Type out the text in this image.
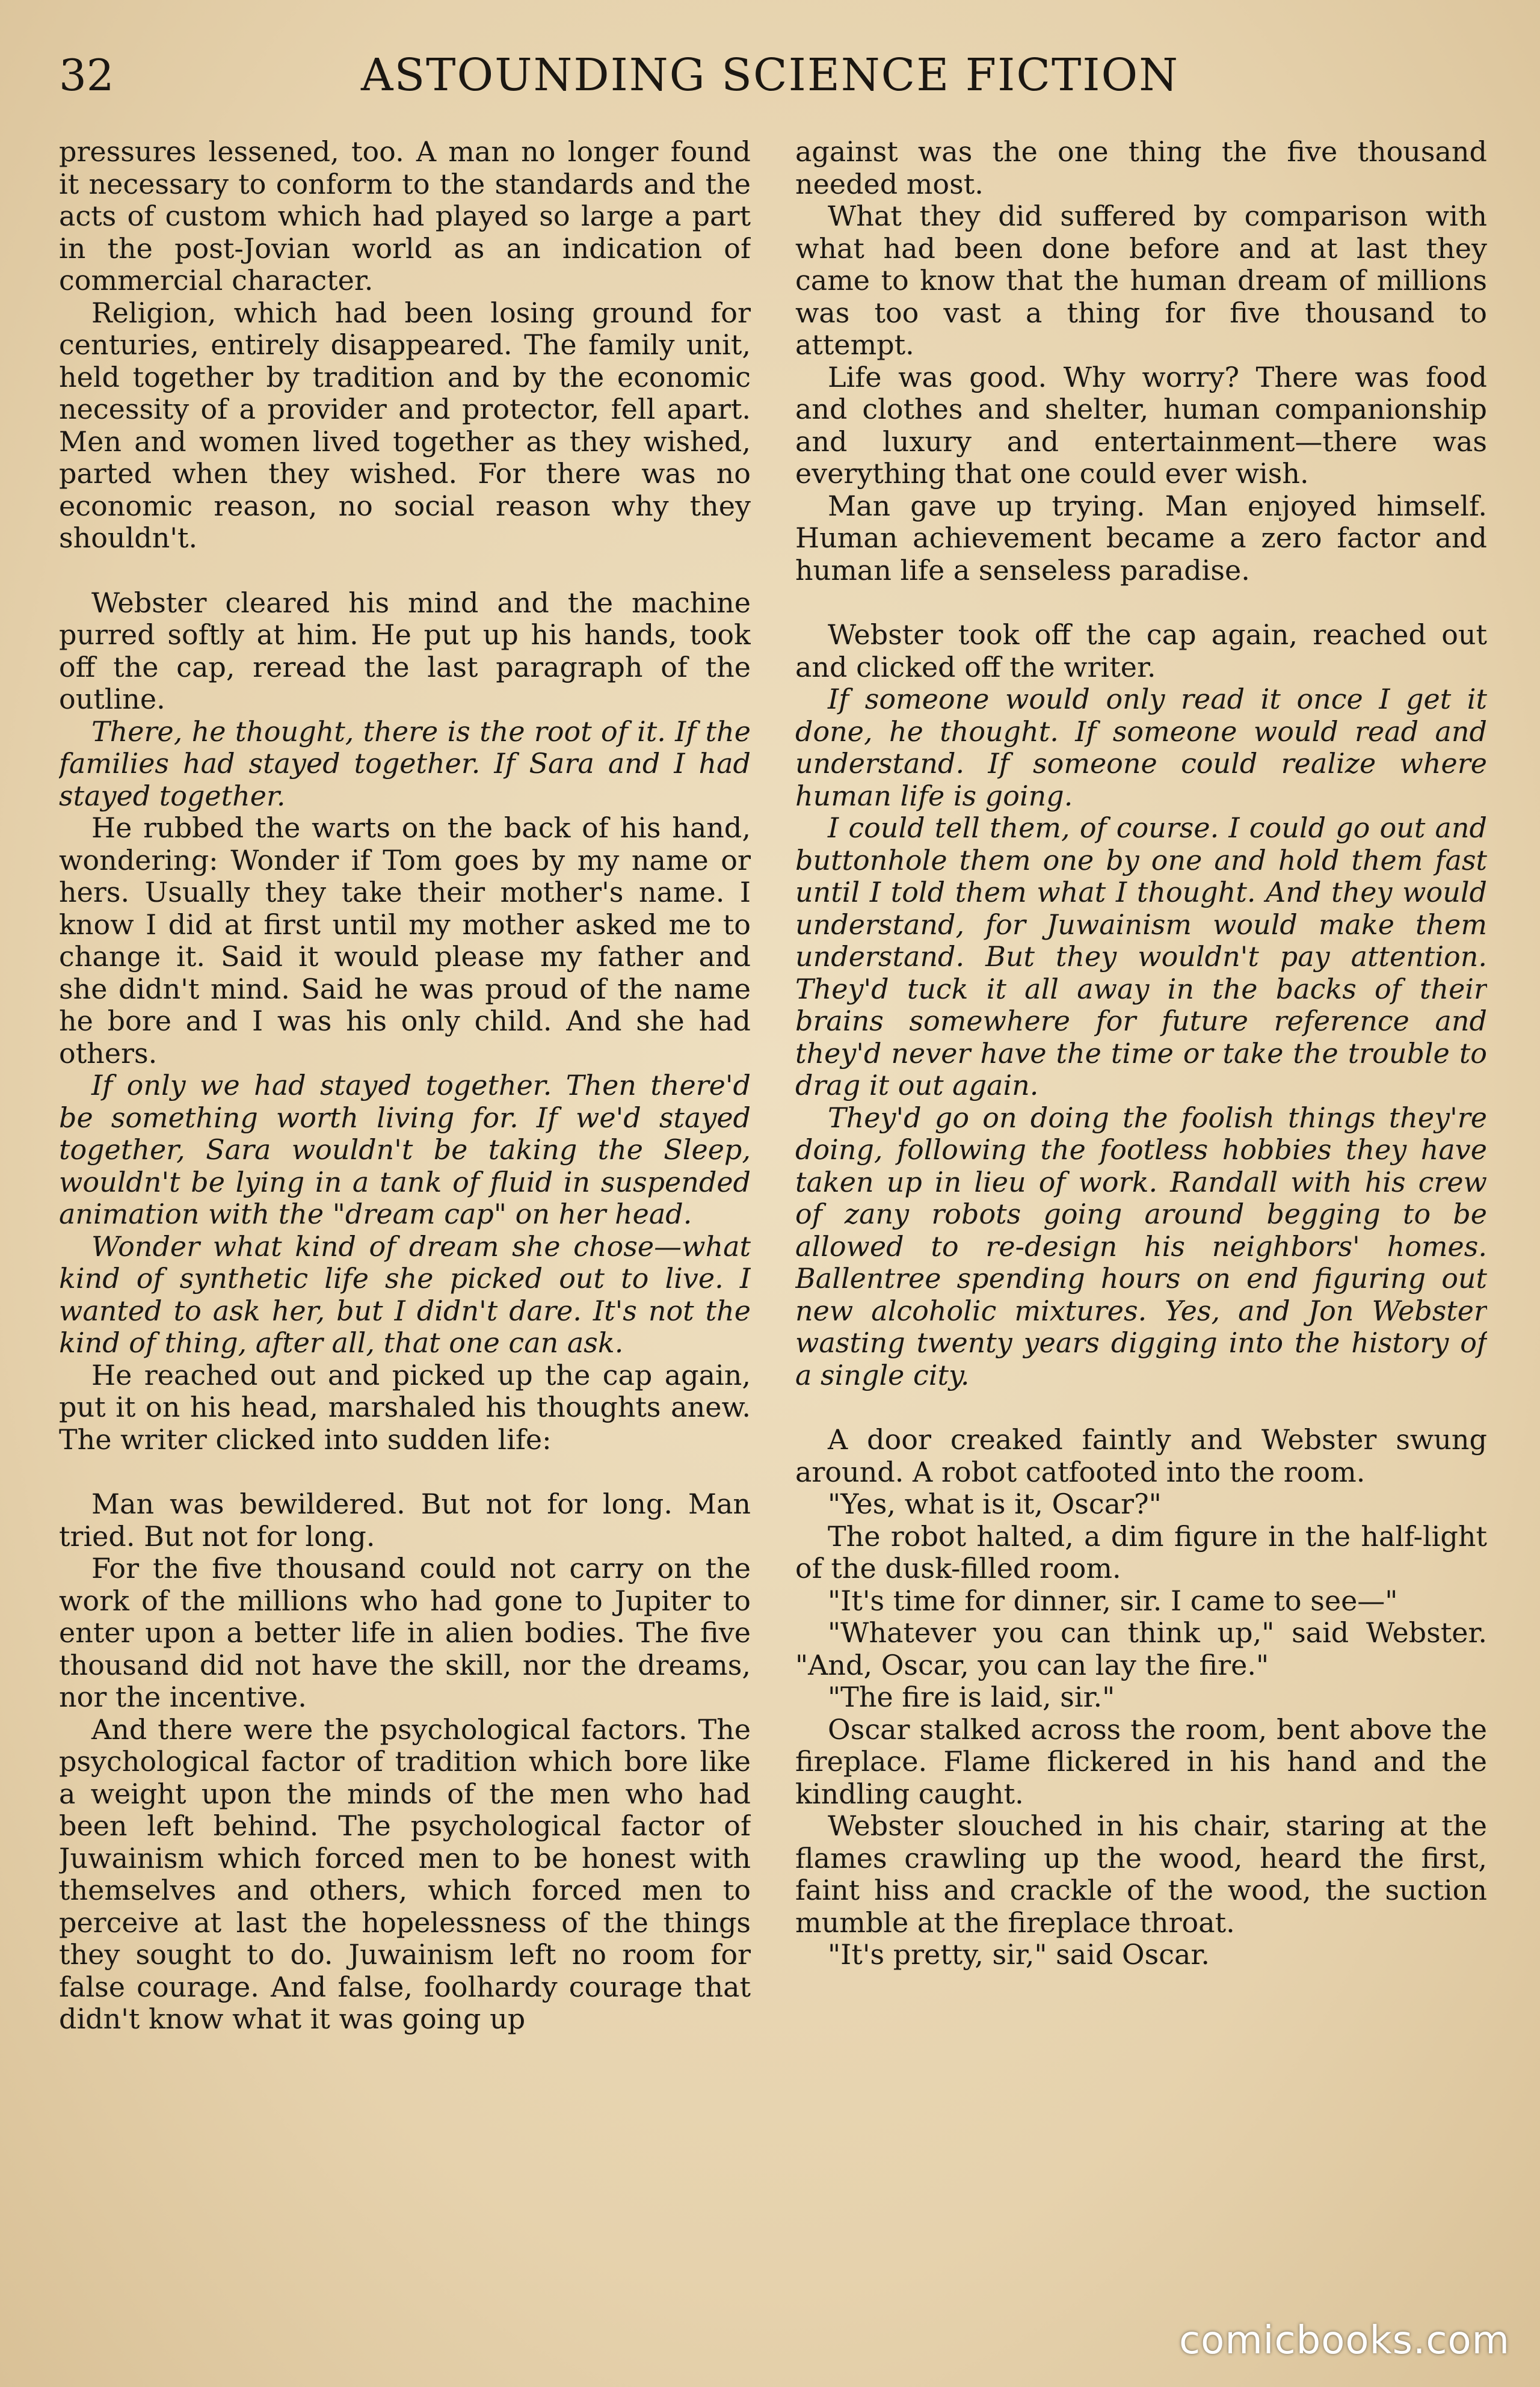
32	ASTOUNDING SCIENCE FICTION

pressures lessened, too. A man no longer found it necessary to conform to the standards and the acts of custom which had played so large a part in the post-Jovian world as an indication of commercial character.

Religion, which had been losing ground for centuries, entirely disappeared. The family unit, held together by tradition and by the economic necessity of a provider and protector, fell apart. Men and women lived together as they wished, parted when they wished. For there was no economic reason, no social reason why they shouldn't.

Webster cleared his mind and the machine purred softly at him. He put up his hands, took off the cap, reread the last paragraph of the outline.

There, he thought, there is the root of it. If the families had stayed together. If Sara and I had stayed together.

He rubbed the warts on the back of his hand, wondering: Wonder if Tom goes by my name or hers. Usually they take their mother's name. I know I did at first until my mother asked me to change it. Said it would please my father and she didn't mind. Said he was proud of the name he bore and I was his only child. And she had others.

If only we had stayed together. Then there'd be something worth living for. If we'd stayed together, Sara wouldn't be taking the Sleep, wouldn't be lying in a tank of fluid in suspended animation with the "dream cap" on her head.

Wonder what kind of dream she chose—what kind of synthetic life she picked out to live. I wanted to ask her, but I didn't dare. It's not the kind of thing, after all, that one can ask.

He reached out and picked up the cap again, put it on his head, marshaled his thoughts anew. The writer clicked into sudden life:

Man was bewildered. But not for long. Man tried. But not for long.

For the five thousand could not carry on the work of the millions who had gone to Jupiter to enter upon a better life in alien bodies. The five thousand did not have the skill, nor the dreams, nor the incentive.

And there were the psychological factors. The psychological factor of tradition which bore like a weight upon the minds of the men who had been left behind. The psychological factor of Juwainism which forced men to be honest with themselves and others, which forced men to perceive at last the hopelessness of the things they sought to do. Juwainism left no room for false courage. And false, foolhardy courage that didn't know what it was going up

against was the one thing the five thousand needed most.

What they did suffered by comparison with what had been done before and at last they came to know that the human dream of millions was too vast a thing for five thousand to attempt.

Life was good. Why worry? There was food and clothes and shelter, human companionship and luxury and entertainment—there was everything that one could ever wish.

Man gave up trying. Man enjoyed himself. Human achievement became a zero factor and human life a senseless paradise.

Webster took off the cap again, reached out and clicked off the writer.

If someone would only read it once I get it done, he thought. If someone would read and understand. If someone could realize where human life is going.

I could tell them, of course. I could go out and buttonhole them one by one and hold them fast until I told them what I thought. And they would understand, for Juwainism would make them understand. But they wouldn't pay attention. They'd tuck it all away in the backs of their brains somewhere for future reference and they'd never have the time or take the trouble to drag it out again.

They'd go on doing the foolish things they're doing, following the footless hobbies they have taken up in lieu of work. Randall with his crew of zany robots going around begging to be allowed to re-design his neighbors' homes. Ballentree spending hours on end figuring out new alcoholic mixtures. Yes, and Jon Webster wasting twenty years digging into the history of a single city.

A door creaked faintly and Webster swung around. A robot catfooted into the room.

"Yes, what is it, Oscar?"

The robot halted, a dim figure in the half-light of the dusk-filled room.

"It's time for dinner, sir. I came to see—"

"Whatever you can think up," said Webster. "And, Oscar, you can lay the fire."

"The fire is laid, sir."

Oscar stalked across the room, bent above the fireplace. Flame flickered in his hand and the kindling caught.

Webster slouched in his chair, staring at the flames crawling up the wood, heard the first, faint hiss and crackle of the wood, the suction mumble at the fireplace throat.

"It's pretty, sir," said Oscar.

comicbooks.com
